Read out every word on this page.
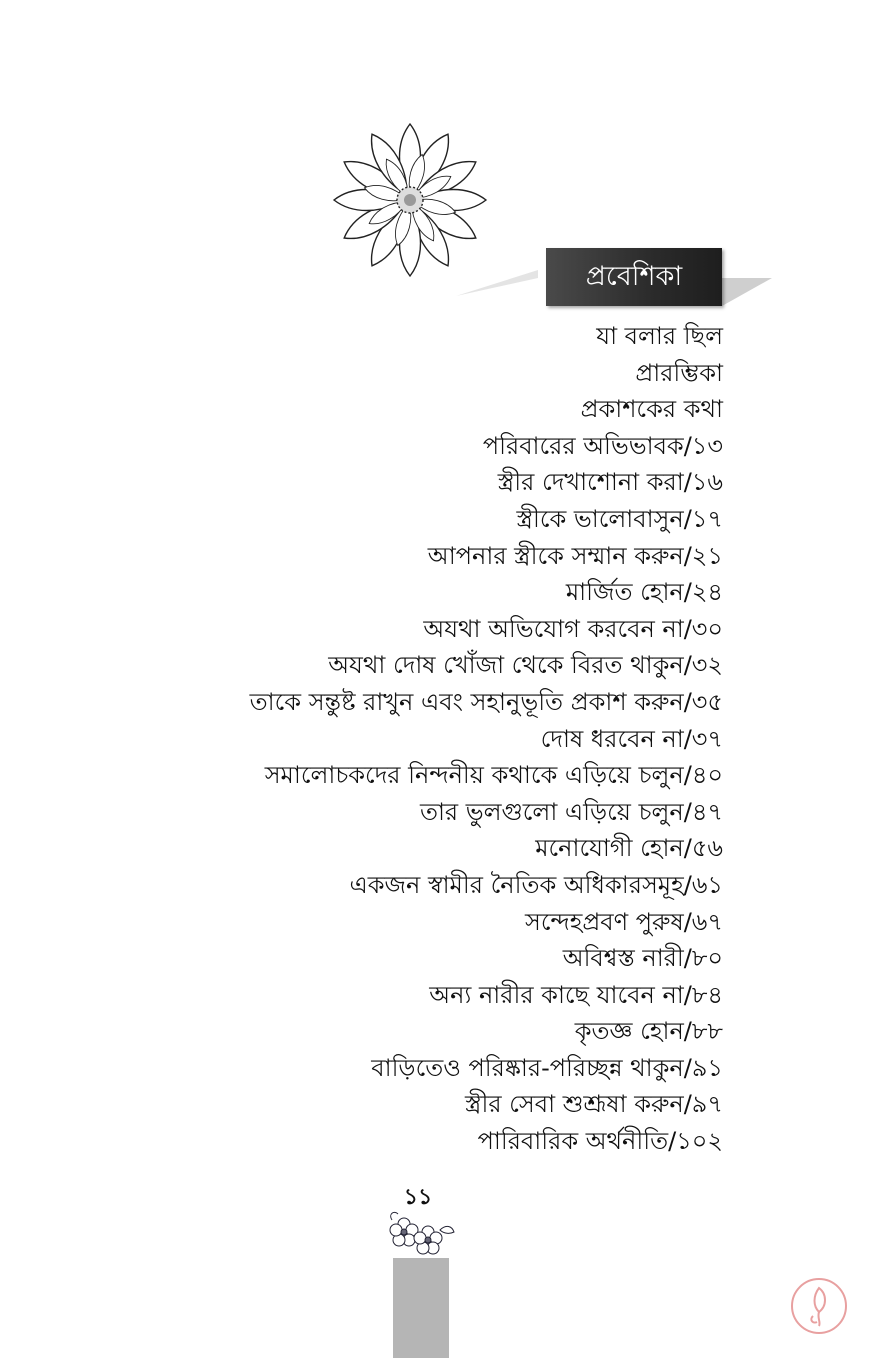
প্রবেশিকা
যা বলার ছিল
প্রারম্ভিকা
প্রকাশকের কথা
পরিবারের অভিভাবক/১৩
স্ত্রীর দেখাশোনা করা/১৬
স্ত্রীকে ভালোবাসুন/১৭
আপনার স্ত্রীকে সম্মান করুন/২১
মার্জিত হোন/২৪
অযথা অভিযোগ করবেন না/৩০
অযথা দোষ খোঁজা থেকে বিরত থাকুন/৩২
তাকে সন্তুষ্ট রাখুন এবং সহানুভূতি প্রকাশ করুন/৩৫
দোষ ধরবেন না/৩৭
সমালোচকদের নিন্দনীয় কথাকে এড়িয়ে চলুন/৪০
তার ভুলগুলো এড়িয়ে চলুন/৪৭
মনোযোগী হোন/৫৬
একজন স্বামীর নৈতিক অধিকারসমূহ/৬১
সন্দেহপ্রবণ পুরুষ/৬৭
অবিশ্বস্ত নারী/৮০
অন্য নারীর কাছে যাবেন না/৮৪
কৃতজ্ঞ হোন/৮৮
বাড়িতেও পরিষ্কার-পরিচ্ছন্ন থাকুন/৯১
স্ত্রীর সেবা শুশ্রূষা করুন/৯৭
পারিবারিক অর্থনীতি/১০২
১১
